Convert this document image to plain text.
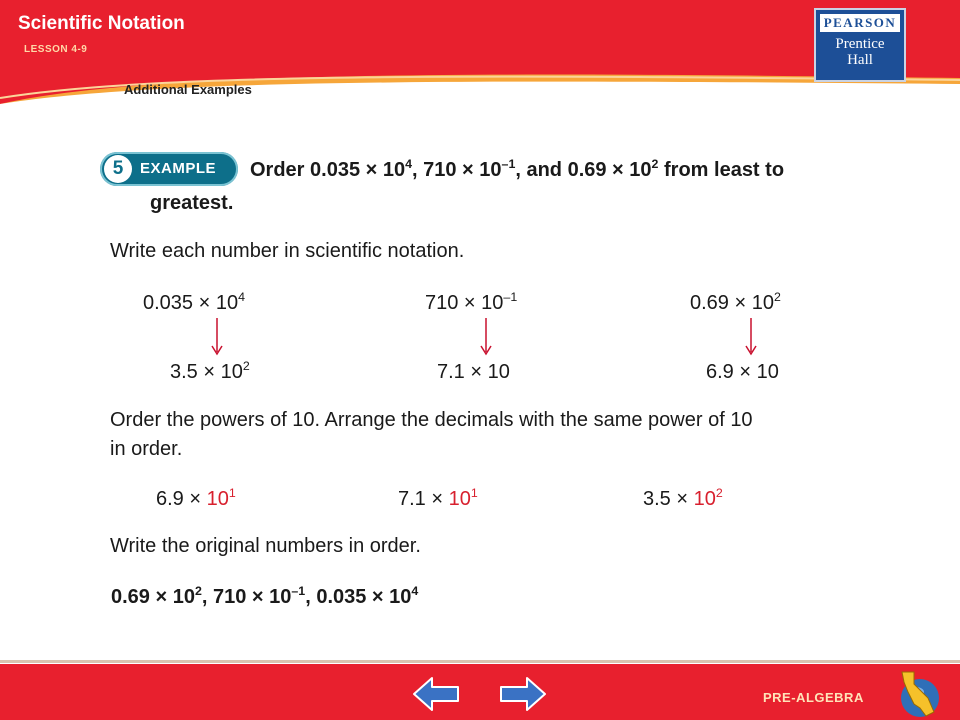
Scientific Notation
LESSON 4-9
Additional Examples
PEARSON
Prentice
Hall
5	EXAMPLE	Order $0.035 \times 10^4$, $710 \times 10^{-1}$, and $0.69 \times 10^2$ from least to greatest.
Write each number in scientific notation.
$0.035 \times 10^4$	$710 \times 10^{-1}$	$0.69 \times 10^2$
$3.5 \times 10^2$	7.1 × 10	6.9 × 10
Order the powers of 10. Arrange the decimals with the same power of 10 in order.
$6.9 \times 10^1$	$7.1 \times 10^1$	$3.5 \times 10^2$
Write the original numbers in order.
$0.69 \times 10^2$, $710 \times 10^{-1}$, $0.035 \times 10^4$
PRE-ALGEBRA
